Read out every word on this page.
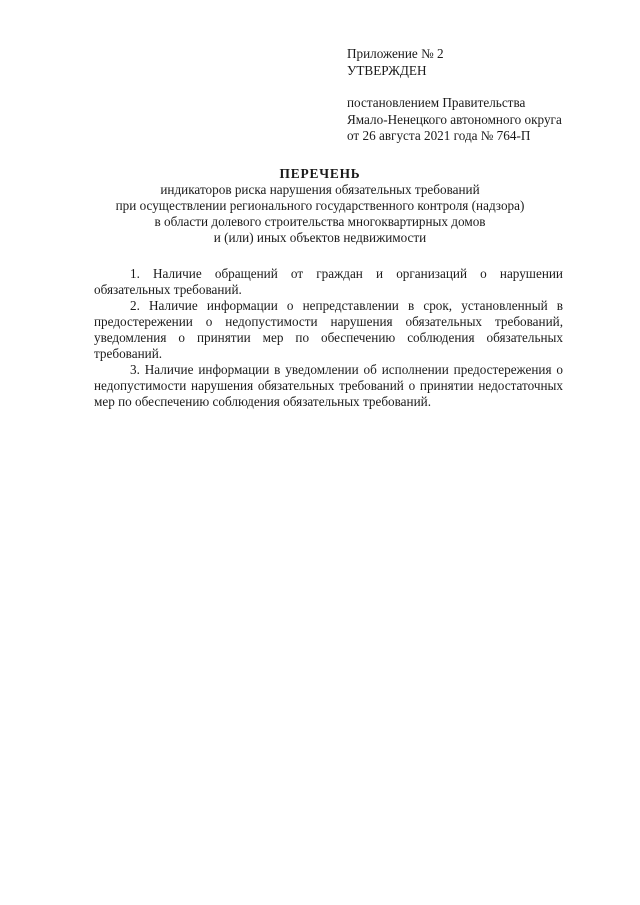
Приложение № 2
УТВЕРЖДЕН
постановлением Правительства
Ямало-Ненецкого автономного округа
от 26 августа 2021 года № 764-П
ПЕРЕЧЕНЬ
индикаторов риска нарушения обязательных требований
при осуществлении регионального государственного контроля (надзора)
в области долевого строительства многоквартирных домов
и (или) иных объектов недвижимости

1. Наличие обращений от граждан и организаций о нарушении обязательных требований.

2. Наличие информации о непредставлении в срок, установленный в предостережении о недопустимости нарушения обязательных требований, уведомления о принятии мер по обеспечению соблюдения обязательных требований.

3. Наличие информации в уведомлении об исполнении предостережения о недопустимости нарушения обязательных требований о принятии недостаточных мер по обеспечению соблюдения обязательных требований.
